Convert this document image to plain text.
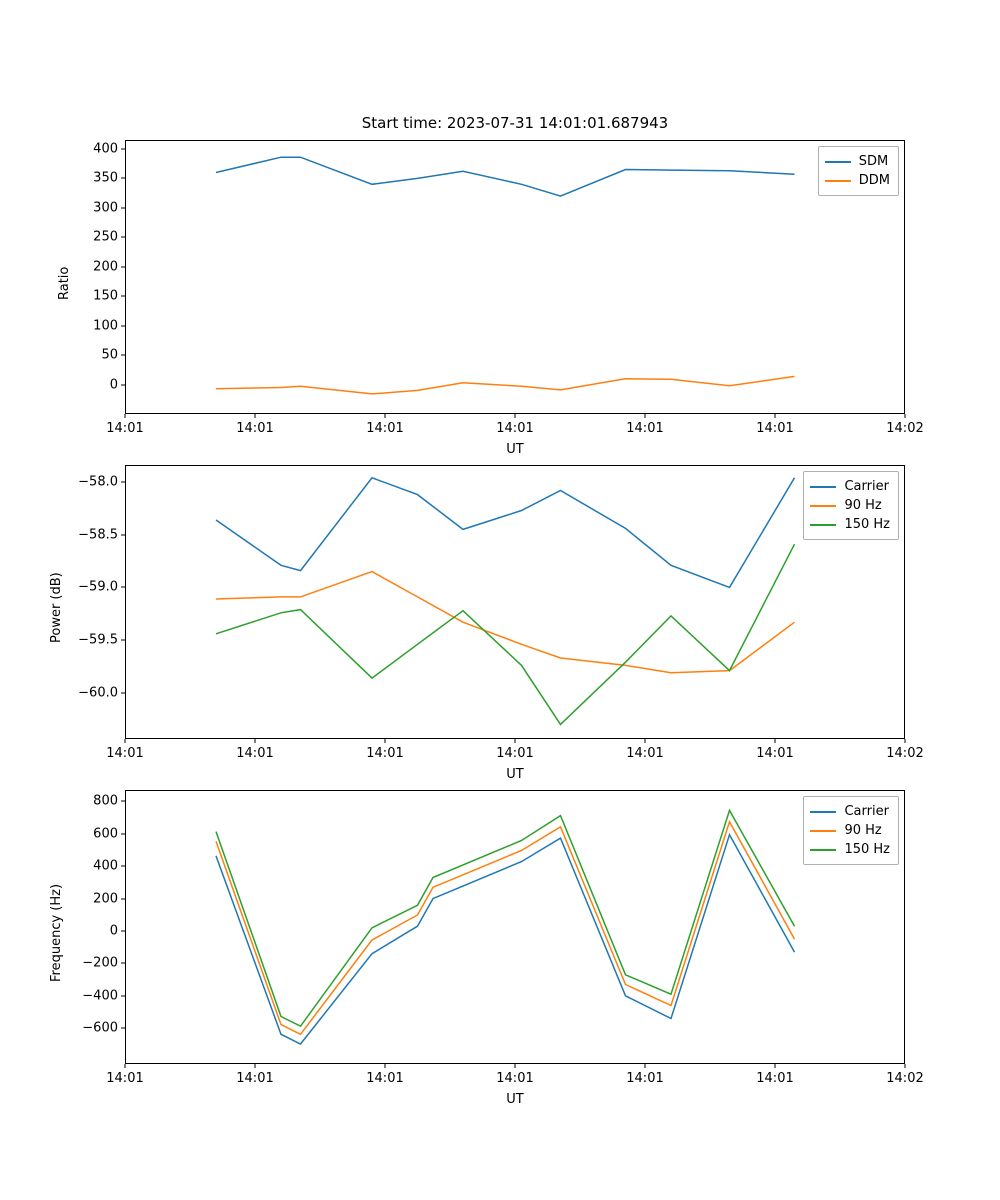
Start time: 2023-07-31 14:01:01.687943
400
350
300
250
200
150
100
50
0
14:01	14:01	14:01	14:01	14:01	14:01	14:02
Ratio
UT
SDM
DDM
−58.0
−58.5
−59.0
−59.5
−60.0
14:01	14:01	14:01	14:01	14:01	14:01	14:02
Power (dB)
UT
Carrier
90 Hz
150 Hz
800
600
400
200
0
−200
−400
−600
14:01	14:01	14:01	14:01	14:01	14:01	14:02
Frequency (Hz)
UT
Carrier
90 Hz
150 Hz
